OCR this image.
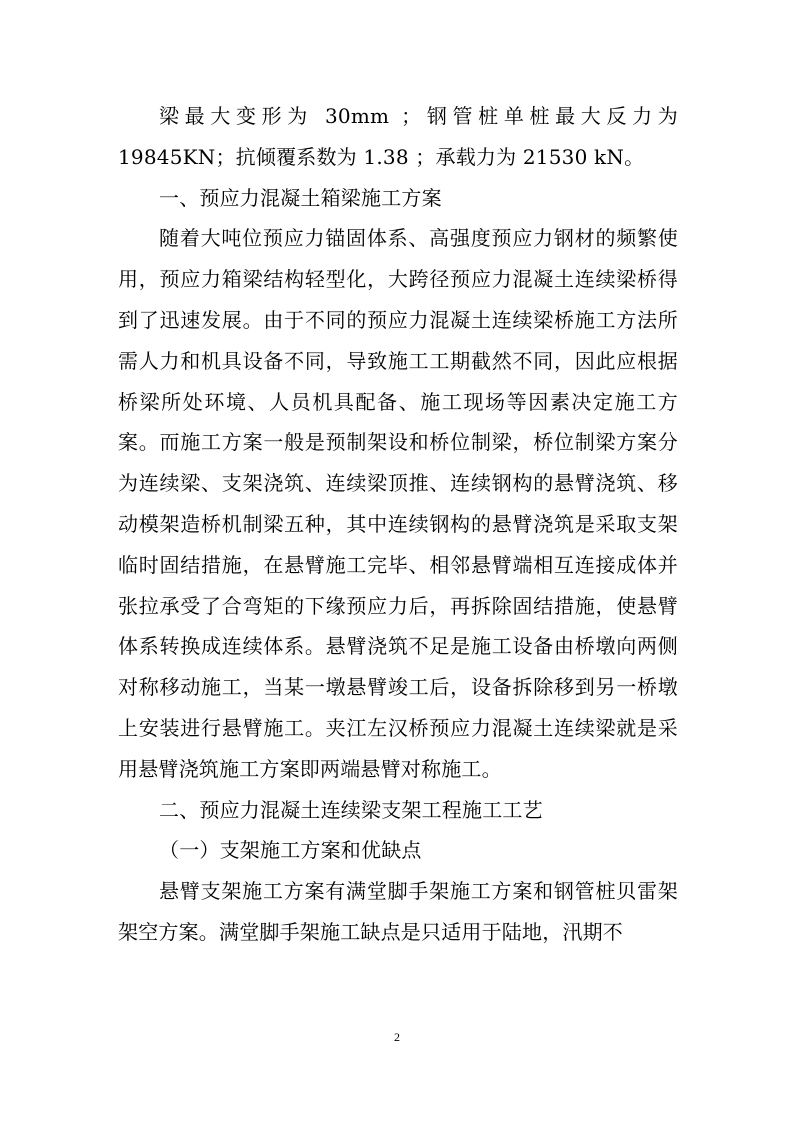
梁最大变形为 30mm ；钢管桩单桩最大反力为 19845KN；抗倾覆系数为 1.38 ；承载力为 21530 kN。

一、预应力混凝土箱梁施工方案

随着大吨位预应力锚固体系、高强度预应力钢材的频繁使用，预应力箱梁结构轻型化，大跨径预应力混凝土连续梁桥得到了迅速发展。由于不同的预应力混凝土连续梁桥施工方法所需人力和机具设备不同，导致施工工期截然不同，因此应根据桥梁所处环境、人员机具配备、施工现场等因素决定施工方案。而施工方案一般是预制架设和桥位制梁，桥位制梁方案分为连续梁、支架浇筑、连续梁顶推、连续钢构的悬臂浇筑、移动模架造桥机制梁五种，其中连续钢构的悬臂浇筑是采取支架临时固结措施，在悬臂施工完毕、相邻悬臂端相互连接成体并张拉承受了合弯矩的下缘预应力后，再拆除固结措施，使悬臂体系转换成连续体系。悬臂浇筑不足是施工设备由桥墩向两侧对称移动施工，当某一墩悬臂竣工后，设备拆除移到另一桥墩上安装进行悬臂施工。夹江左汉桥预应力混凝土连续梁就是采用悬臂浇筑施工方案即两端悬臂对称施工。

二、预应力混凝土连续梁支架工程施工工艺

（一）支架施工方案和优缺点

悬臂支架施工方案有满堂脚手架施工方案和钢管桩贝雷架架空方案。满堂脚手架施工缺点是只适用于陆地，汛期不

2
